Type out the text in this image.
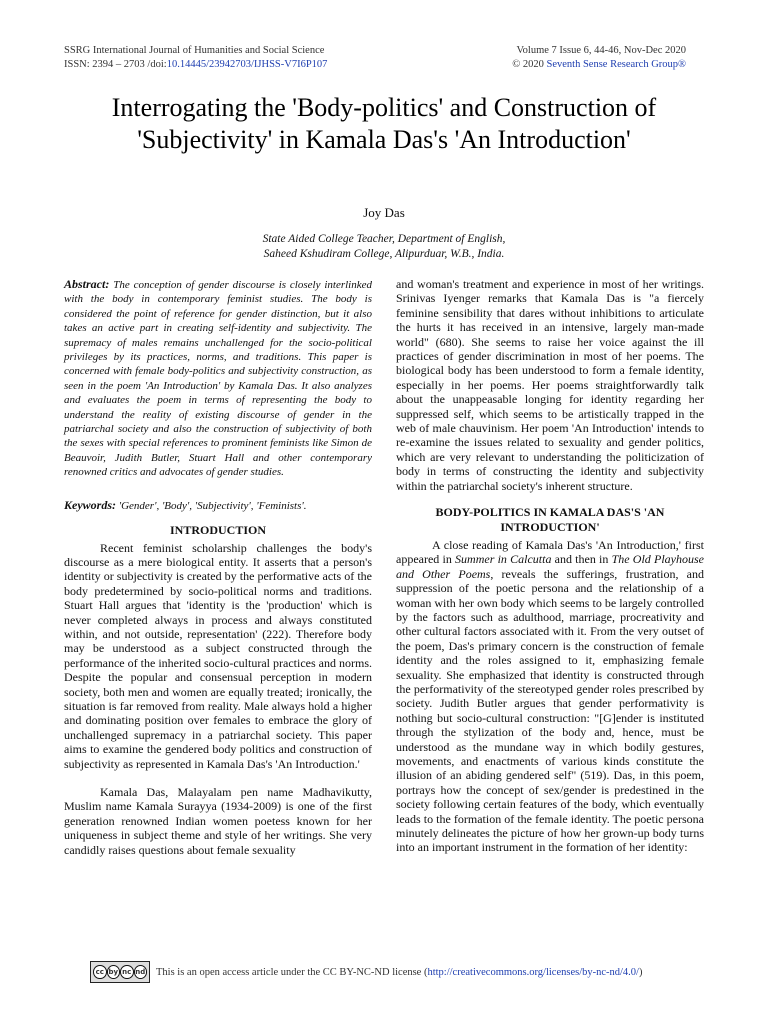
SSRG International Journal of Humanities and Social Science
ISSN: 2394 – 2703 /doi:10.14445/23942703/IJHSS-V7I6P107
Volume 7 Issue 6, 44-46, Nov-Dec 2020
© 2020 Seventh Sense Research Group®
Interrogating the 'Body-politics' and Construction of 'Subjectivity' in Kamala Das's 'An Introduction'
Joy Das
State Aided College Teacher, Department of English,
Saheed Kshudiram College, Alipurduar, W.B., India.

Abstract: The conception of gender discourse is closely interlinked with the body in contemporary feminist studies. The body is considered the point of reference for gender distinction, but it also takes an active part in creating self-identity and subjectivity. The supremacy of males remains unchallenged for the socio-political privileges by its practices, norms, and traditions. This paper is concerned with female body-politics and subjectivity construction, as seen in the poem 'An Introduction' by Kamala Das. It also analyzes and evaluates the poem in terms of representing the body to understand the reality of existing discourse of gender in the patriarchal society and also the construction of subjectivity of both the sexes with special references to prominent feminists like Simon de Beauvoir, Judith Butler, Stuart Hall and other contemporary renowned critics and advocates of gender studies.

Keywords: 'Gender', 'Body', 'Subjectivity', 'Feminists'.

INTRODUCTION

Recent feminist scholarship challenges the body's discourse as a mere biological entity. It asserts that a person's identity or subjectivity is created by the performative acts of the body predetermined by socio-political norms and traditions. Stuart Hall argues that 'identity is the 'production' which is never completed always in process and always constituted within, and not outside, representation' (222). Therefore body may be understood as a subject constructed through the performance of the inherited socio-cultural practices and norms. Despite the popular and consensual perception in modern society, both men and women are equally treated; ironically, the situation is far removed from reality. Male always hold a higher and dominating position over females to embrace the glory of unchallenged supremacy in a patriarchal society. This paper aims to examine the gendered body politics and construction of subjectivity as represented in Kamala Das's 'An Introduction.'

Kamala Das, Malayalam pen name Madhavikutty, Muslim name Kamala Surayya (1934-2009) is one of the first generation renowned Indian women poetess known for her uniqueness in subject theme and style of her writings. She very candidly raises questions about female sexuality

and woman's treatment and experience in most of her writings. Srinivas Iyenger remarks that Kamala Das is "a fiercely feminine sensibility that dares without inhibitions to articulate the hurts it has received in an intensive, largely man-made world" (680). She seems to raise her voice against the ill practices of gender discrimination in most of her poems. The biological body has been understood to form a female identity, especially in her poems. Her poems straightforwardly talk about the unappeasable longing for identity regarding her suppressed self, which seems to be artistically trapped in the web of male chauvinism. Her poem 'An Introduction' intends to re-examine the issues related to sexuality and gender politics, which are very relevant to understanding the politicization of body in terms of constructing the identity and subjectivity within the patriarchal society's inherent structure.

BODY-POLITICS IN KAMALA DAS'S 'AN INTRODUCTION'

A close reading of Kamala Das's 'An Introduction,' first appeared in Summer in Calcutta and then in The Old Playhouse and Other Poems, reveals the sufferings, frustration, and suppression of the poetic persona and the relationship of a woman with her own body which seems to be largely controlled by the factors such as adulthood, marriage, procreativity and other cultural factors associated with it. From the very outset of the poem, Das's primary concern is the construction of female identity and the roles assigned to it, emphasizing female sexuality. She emphasized that identity is constructed through the performativity of the stereotyped gender roles prescribed by society. Judith Butler argues that gender performativity is nothing but socio-cultural construction: "[G]ender is instituted through the stylization of the body and, hence, must be understood as the mundane way in which bodily gestures, movements, and enactments of various kinds constitute the illusion of an abiding gendered self" (519). Das, in this poem, portrays how the concept of sex/gender is predestined in the society following certain features of the body, which eventually leads to the formation of the female identity. The poetic persona minutely delineates the picture of how her grown-up body turns into an important instrument in the formation of her identity:

cc by nc nd This is an open access article under the CC BY-NC-ND license ( http://creativecommons.org/licenses/by-nc-nd/4.0/ )
